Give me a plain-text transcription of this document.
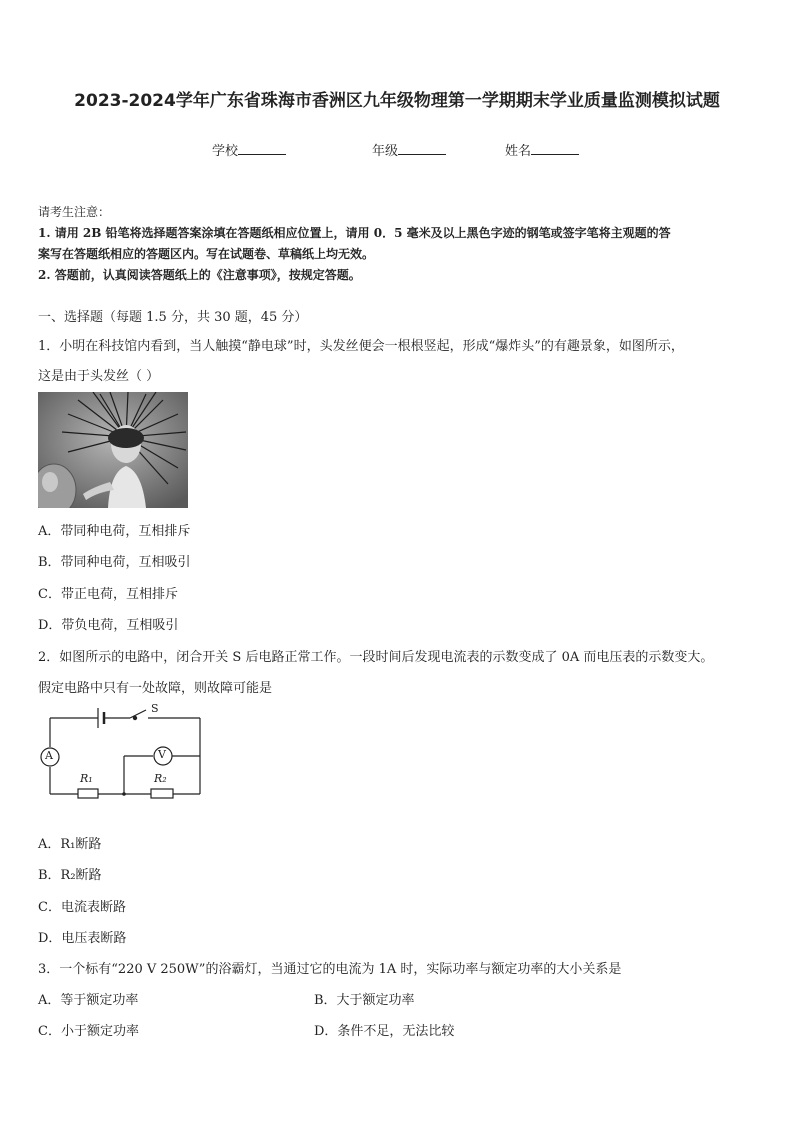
2023-2024学年广东省珠海市香洲区九年级物理第一学期期末学业质量监测模拟试题
学校	年级	姓名
请考生注意：
1. 请用 2B 铅笔将选择题答案涂填在答题纸相应位置上，请用 0．5 毫米及以上黑色字迹的钢笔或签字笔将主观题的答
案写在答题纸相应的答题区内。写在试题卷、草稿纸上均无效。
2. 答题前，认真阅读答题纸上的《注意事项》，按规定答题。
一、选择题（每题 1.5 分，共 30 题，45 分）
1．小明在科技馆内看到，当人触摸“静电球”时，头发丝便会一根根竖起，形成“爆炸头”的有趣景象，如图所示，
这是由于头发丝（ ）
A．带同种电荷，互相排斥
B．带同种电荷，互相吸引
C．带正电荷，互相排斥
D．带负电荷，互相吸引
2．如图所示的电路中，闭合开关 S 后电路正常工作。一段时间后发现电流表的示数变成了 0A 而电压表的示数变大。
假定电路中只有一处故障，则故障可能是
S
A	V
R₁	R₂
A．R₁断路
B．R₂断路
C．电流表断路
D．电压表断路
3．一个标有“220 V 250W”的浴霸灯，当通过它的电流为 1A 时，实际功率与额定功率的大小关系是
A．等于额定功率	B．大于额定功率
C．小于额定功率	D．条件不足，无法比较
